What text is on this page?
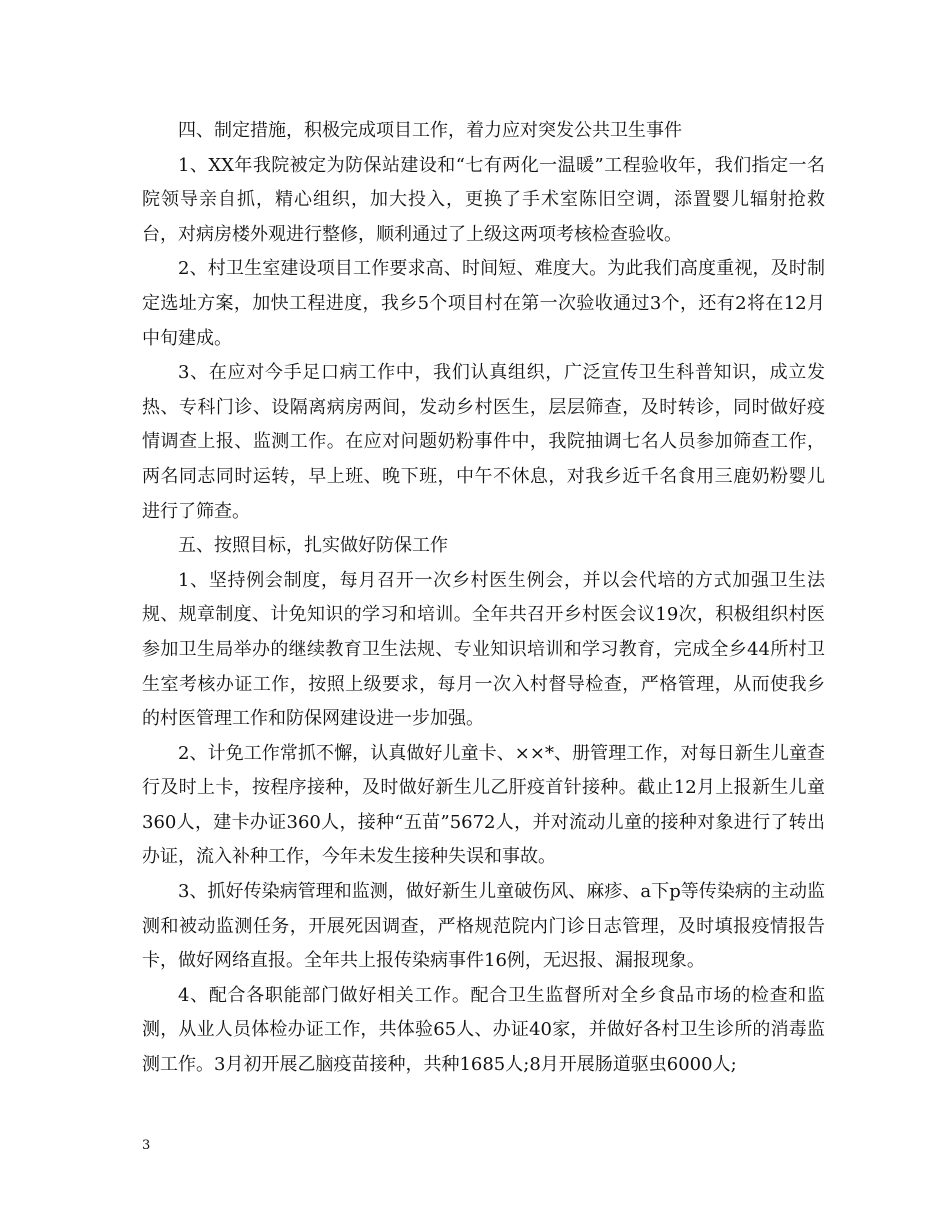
四、制定措施，积极完成项目工作，着力应对突发公共卫生事件

1、XX年我院被定为防保站建设和“七有两化一温暖”工程验收年，我们指定一名院领导亲自抓，精心组织，加大投入，更换了手术室陈旧空调，添置婴儿辐射抢救台，对病房楼外观进行整修，顺利通过了上级这两项考核检查验收。

2、村卫生室建设项目工作要求高、时间短、难度大。为此我们高度重视，及时制定选址方案，加快工程进度，我乡5个项目村在第一次验收通过3个，还有2将在12月中旬建成。

3、在应对今手足口病工作中，我们认真组织，广泛宣传卫生科普知识，成立发热、专科门诊、设隔离病房两间，发动乡村医生，层层筛查，及时转诊，同时做好疫情调查上报、监测工作。在应对问题奶粉事件中，我院抽调七名人员参加筛查工作，两名同志同时运转，早上班、晚下班，中午不休息，对我乡近千名食用三鹿奶粉婴儿进行了筛查。

五、按照目标，扎实做好防保工作

1、坚持例会制度，每月召开一次乡村医生例会，并以会代培的方式加强卫生法规、规章制度、计免知识的学习和培训。全年共召开乡村医会议19次，积极组织村医参加卫生局举办的继续教育卫生法规、专业知识培训和学习教育，完成全乡44所村卫生室考核办证工作，按照上级要求，每月一次入村督导检查，严格管理，从而使我乡的村医管理工作和防保网建设进一步加强。

2、计免工作常抓不懈，认真做好儿童卡、××*、册管理工作，对每日新生儿童查行及时上卡，按程序接种，及时做好新生儿乙肝疫首针接种。截止12月上报新生儿童 360人，建卡办证360人，接种“五苗”5672人，并对流动儿童的接种对象进行了转出办证，流入补种工作，今年未发生接种失误和事故。

3、抓好传染病管理和监测，做好新生儿童破伤风、麻疹、a下p等传染病的主动监测和被动监测任务，开展死因调查，严格规范院内门诊日志管理，及时填报疫情报告卡，做好网络直报。全年共上报传染病事件16例，无迟报、漏报现象。

4、配合各职能部门做好相关工作。配合卫生监督所对全乡食品市场的检查和监测，从业人员体检办证工作，共体验65人、办证40家，并做好各村卫生诊所的消毒监测工作。3月初开展乙脑疫苗接种，共种1685人;8月开展肠道驱虫6000人;

3
